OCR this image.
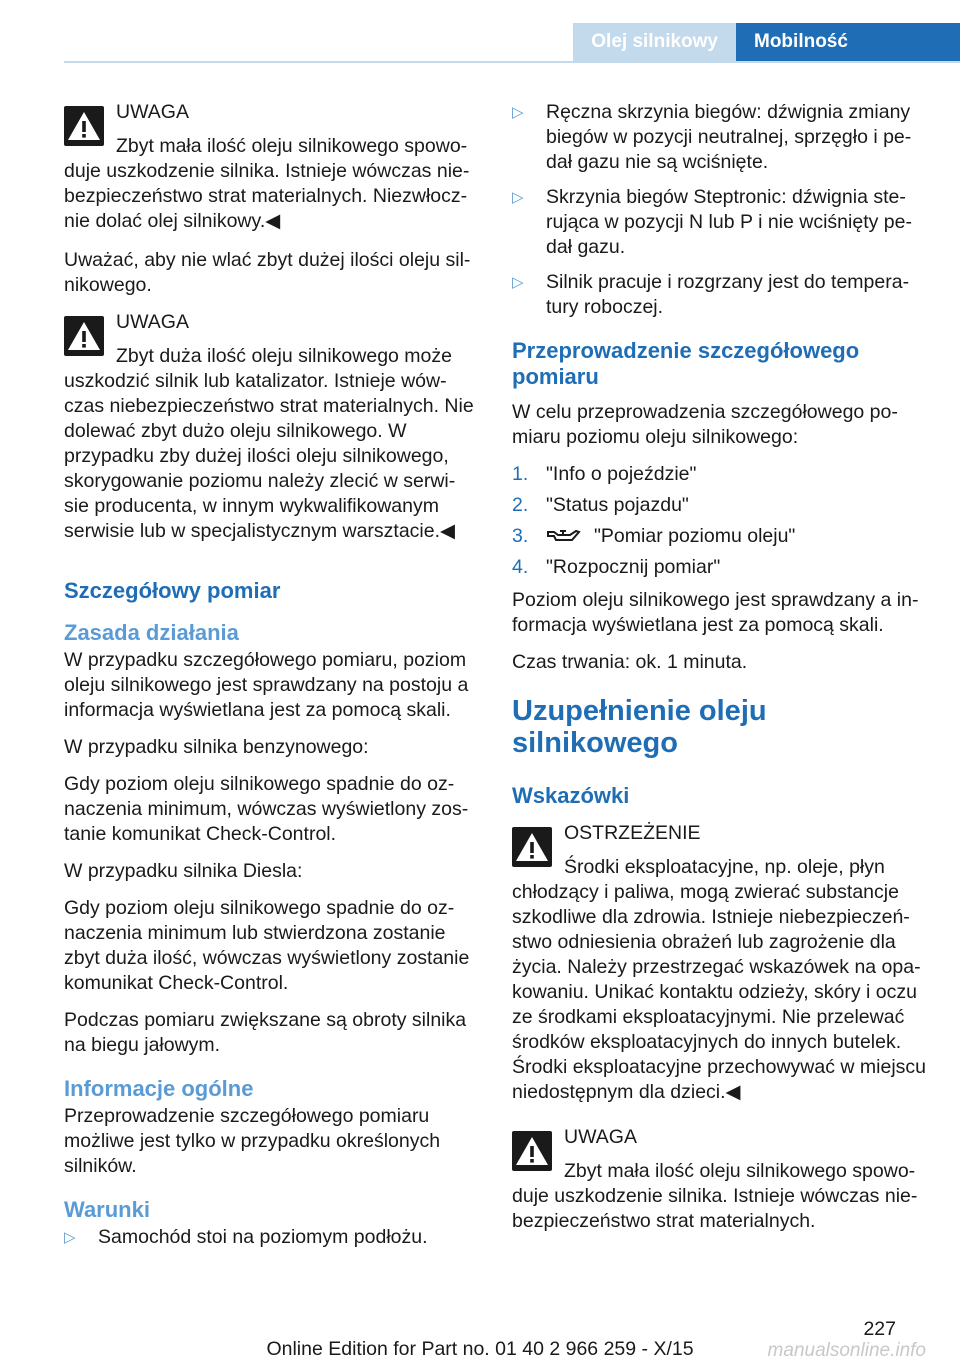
Olej silnikowy	Mobilność
UWAGA
Zbyt mała ilość oleju silnikowego spowo‐duje uszkodzenie silnika. Istnieje wówczas nie‐bezpieczeństwo strat materialnych. Niezwłocz‐nie dolać olej silnikowy.◀

Uważać, aby nie wlać zbyt dużej ilości oleju sil‐nikowego.

UWAGA
Zbyt duża ilość oleju silnikowego może uszkodzić silnik lub katalizator. Istnieje wów‐czas niebezpieczeństwo strat materialnych. Nie dolewać zbyt dużo oleju silnikowego. W przypadku zby dużej ilości oleju silnikowego, skorygowanie poziomu należy zlecić w serwi‐sie producenta, w innym wykwalifikowanym serwisie lub w specjalistycznym warsztacie.◀
Szczegółowy pomiar
Zasada działania

W przypadku szczegółowego pomiaru, poziom oleju silnikowego jest sprawdzany na postoju a informacja wyświetlana jest za pomocą skali.

W przypadku silnika benzynowego:

Gdy poziom oleju silnikowego spadnie do oz‐naczenia minimum, wówczas wyświetlony zos‐tanie komunikat Check-Control.

W przypadku silnika Diesla:

Gdy poziom oleju silnikowego spadnie do oz‐naczenia minimum lub stwierdzona zostanie zbyt duża ilość, wówczas wyświetlony zostanie komunikat Check-Control.

Podczas pomiaru zwiększane są obroty silnika na biegu jałowym.

Informacje ogólne

Przeprowadzenie szczegółowego pomiaru możliwe jest tylko w przypadku określonych silników.

Warunki
▷ Samochód stoi na poziomym podłożu.
▷ Ręczna skrzynia biegów: dźwignia zmiany biegów w pozycji neutralnej, sprzęgło i pe‐dał gazu nie są wciśnięte.
▷ Skrzynia biegów Steptronic: dźwignia ste‐rująca w pozycji N lub P i nie wciśnięty pe‐dał gazu.
▷ Silnik pracuje i rozgrzany jest do tempera‐tury roboczej.
Przeprowadzenie szczegółowego pomiaru

W celu przeprowadzenia szczegółowego po‐miaru poziomu oleju silnikowego:

1. "Info o pojeździe"
2. "Status pojazdu"
3.	"Pomiar poziomu oleju"
4. "Rozpocznij pomiar"

Poziom oleju silnikowego jest sprawdzany a in‐formacja wyświetlana jest za pomocą skali.

Czas trwania: ok. 1 minuta.

Uzupełnienie oleju silnikowego
Wskazówki
OSTRZEŻENIE
Środki eksploatacyjne, np. oleje, płyn chłodzący i paliwa, mogą zwierać substancje szkodliwe dla zdrowia. Istnieje niebezpieczeń‐stwo odniesienia obrażeń lub zagrożenie dla życia. Należy przestrzegać wskazówek na opa‐kowaniu. Unikać kontaktu odzieży, skóry i oczu ze środkami eksploatacyjnymi. Nie przelewać środków eksploatacyjnych do innych butelek. Środki eksploatacyjne przechowywać w miejscu niedostępnym dla dzieci.◀
UWAGA
Zbyt mała ilość oleju silnikowego spowo‐duje uszkodzenie silnika. Istnieje wówczas nie‐bezpieczeństwo strat materialnych.
227
Online Edition for Part no. 01 40 2 966 259 - X/15	manualsonline.info
